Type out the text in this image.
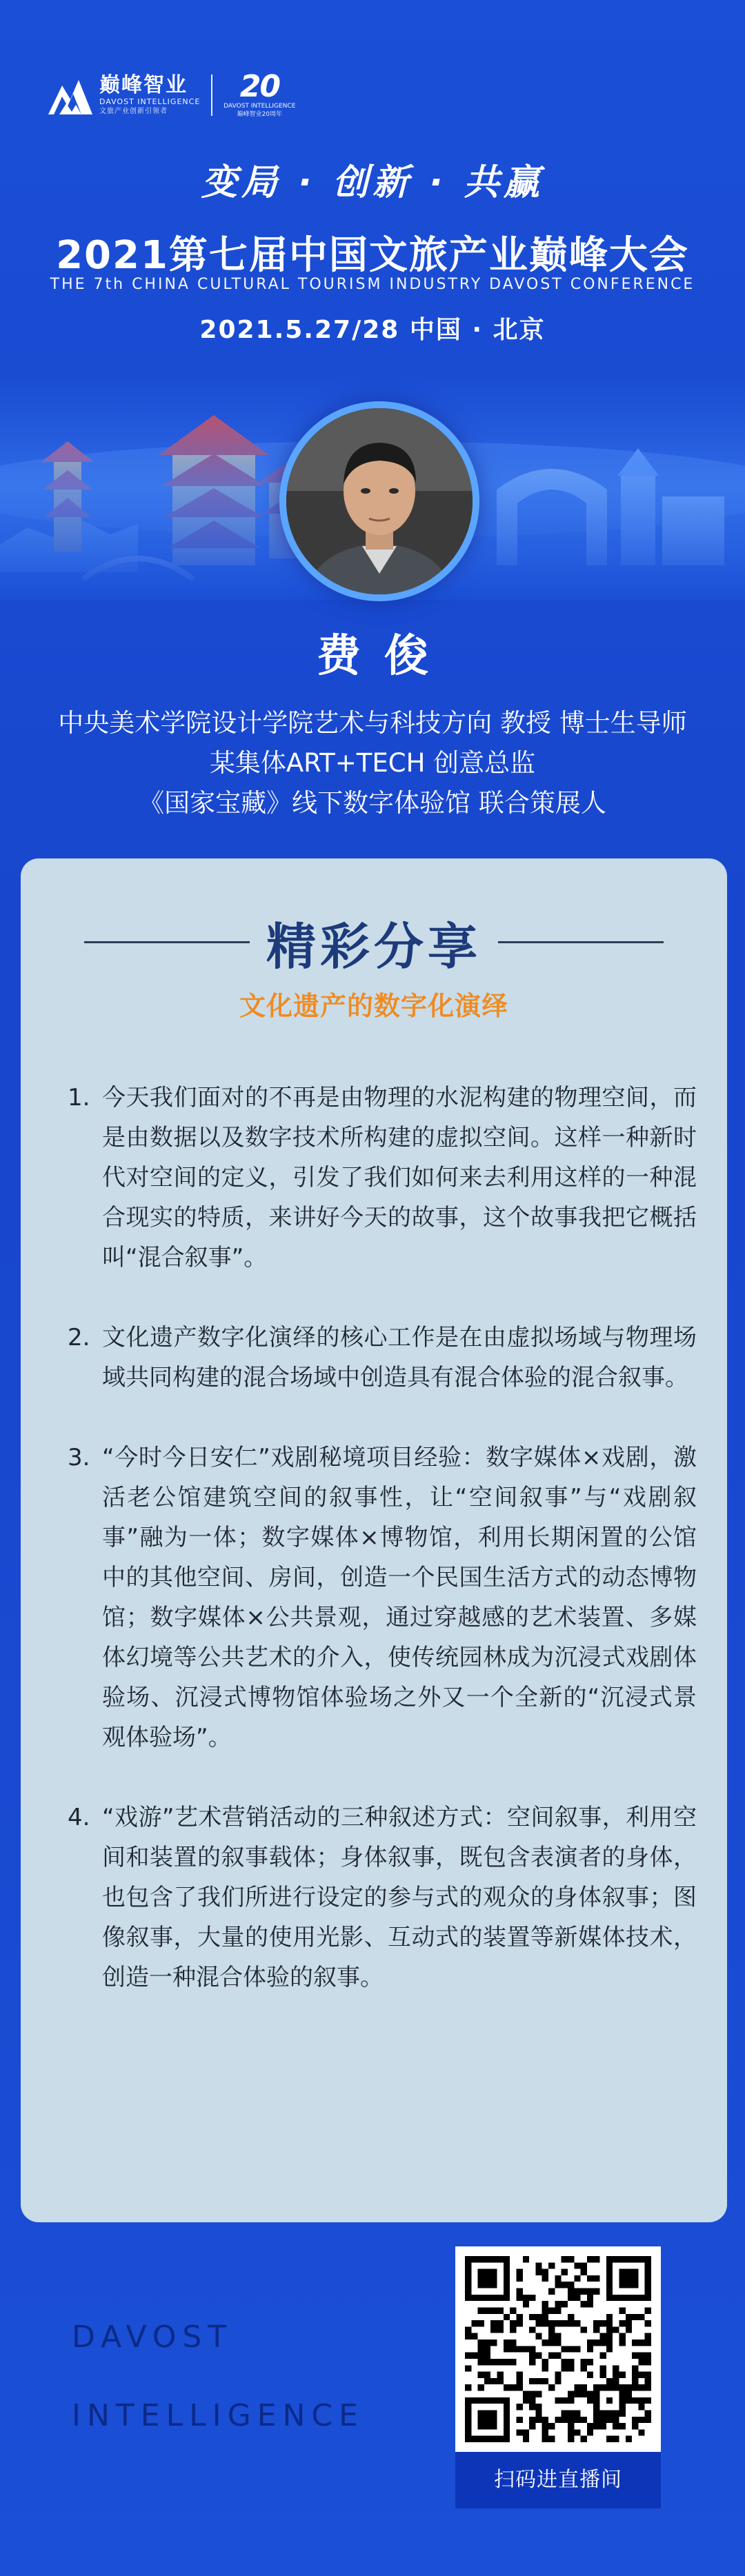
巅峰智业
DAVOST INTELLIGENCE
文旅产业创新引领者
20
DAVOST INTELLIGENCE
巅峰智业20周年
变局 · 创新 · 共赢
2021第七届中国文旅产业巅峰大会
THE 7th CHINA CULTURAL TOURISM INDUSTRY DAVOST CONFERENCE
2021.5.27/28 中国 · 北京
费俊
中央美术学院设计学院艺术与科技方向 教授 博士生导师
某集体ART+TECH 创意总监
《国家宝藏》线下数字体验馆 联合策展人
精彩分享
文化遗产的数字化演绎
1. 今天我们面对的不再是由物理的水泥构建的物理空间，而是由数据以及数字技术所构建的虚拟空间。这样一种新时代对空间的定义，引发了我们如何来去利用这样的一种混合现实的特质，来讲好今天的故事，这个故事我把它概括叫“混合叙事”。
2. 文化遗产数字化演绎的核心工作是在由虚拟场域与物理场域共同构建的混合场域中创造具有混合体验的混合叙事。
3. “今时今日安仁”戏剧秘境项目经验：数字媒体×戏剧，激活老公馆建筑空间的叙事性，让“空间叙事”与“戏剧叙事”融为一体；数字媒体×博物馆，利用长期闲置的公馆中的其他空间、房间，创造一个民国生活方式的动态博物馆；数字媒体×公共景观，通过穿越感的艺术装置、多媒体幻境等公共艺术的介入，使传统园林成为沉浸式戏剧体验场、沉浸式博物馆体验场之外又一个全新的“沉浸式景观体验场”。
4. “戏游”艺术营销活动的三种叙述方式：空间叙事，利用空间和装置的叙事载体；身体叙事，既包含表演者的身体，也包含了我们所进行设定的参与式的观众的身体叙事；图像叙事，大量的使用光影、互动式的装置等新媒体技术，创造一种混合体验的叙事。
DAVOST
INTELLIGENCE
扫码进直播间
